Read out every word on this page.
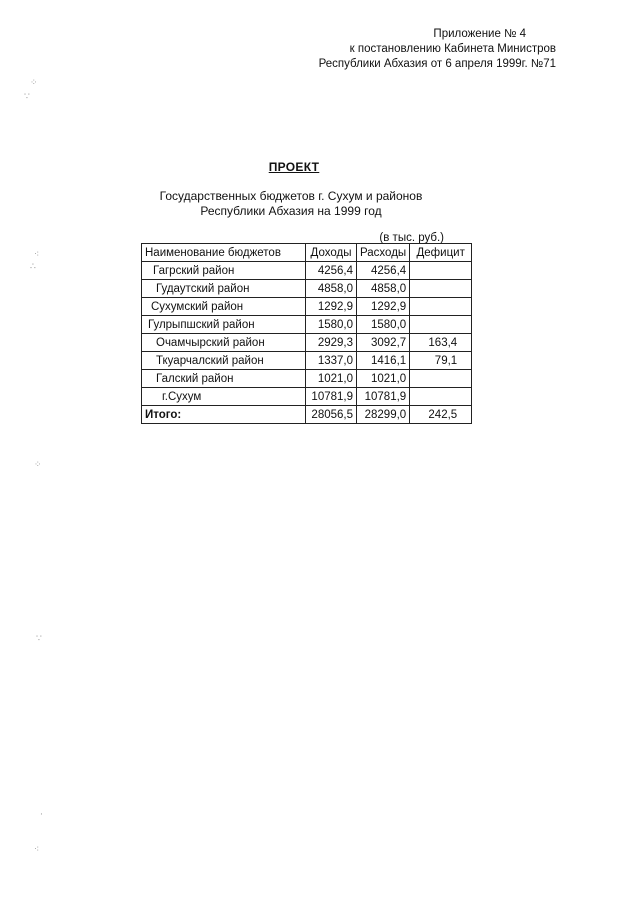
Приложение № 4
к постановлению Кабинета Министров
Республики Абхазия от 6 апреля 1999г. №71
ПРОЕКТ
Государственных бюджетов г. Сухум и районов
Республики Абхазия на 1999 год
(в тыс. руб.)
Наименование бюджетов	Доходы	Расходы	Дефицит
Гагрский район	4256,4	4256,4	
Гудаутский район	4858,0	4858,0	
Сухумский район	1292,9	1292,9	
Гулрыпшский район	1580,0	1580,0	
Очамчырский район	2929,3	3092,7	163,4
Ткуарчалский район	1337,0	1416,1	79,1
Галский район	1021,0	1021,0	
г.Сухум	10781,9	10781,9	
Итого:	28056,5	28299,0	242,5
⁘
∵
⁖
∴
⁘
∵
·
⁖
